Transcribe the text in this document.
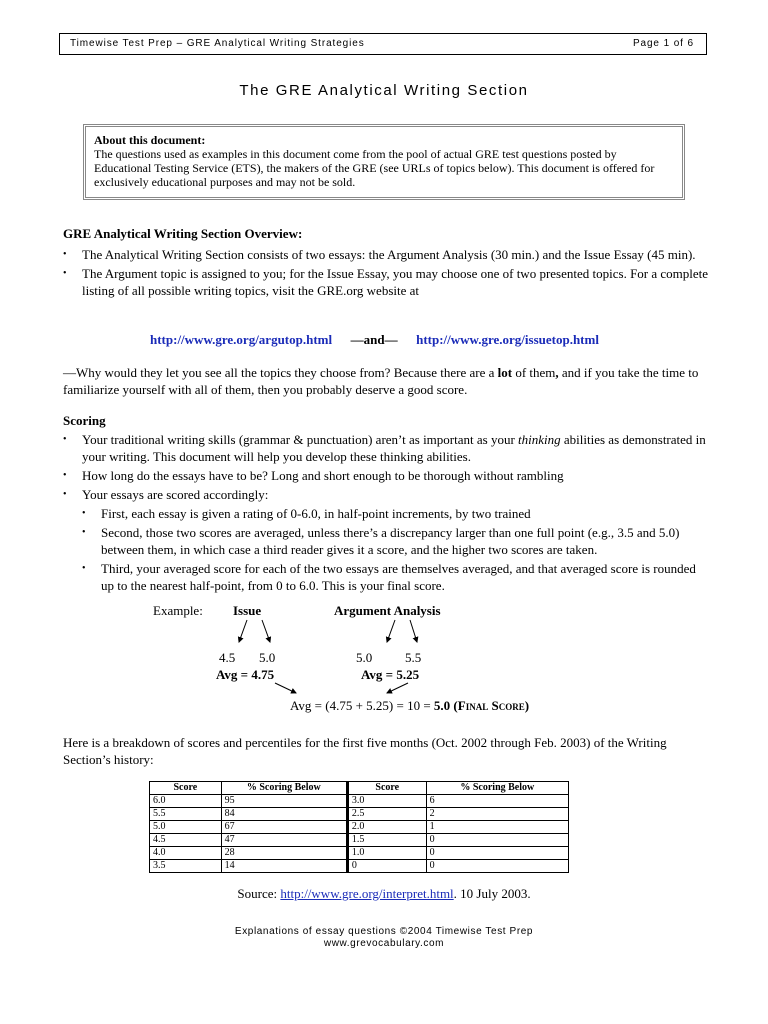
Timewise Test Prep – GRE Analytical Writing Strategies	Page 1 of 6
The GRE Analytical Writing Section
About this document:
The questions used as examples in this document come from the pool of actual GRE test questions posted by Educational Testing Service (ETS), the makers of the GRE (see URLs of topics below). This document is offered for exclusively educational purposes and may not be sold.
GRE Analytical Writing Section Overview:
• The Analytical Writing Section consists of two essays: the Argument Analysis (30 min.) and the Issue Essay (45 min).
• The Argument topic is assigned to you; for the Issue Essay, you may choose one of two presented topics. For a complete listing of all possible writing topics, visit the GRE.org website at
http://www.gre.org/argutop.html —and— http://www.gre.org/issuetop.html
—Why would they let you see all the topics they choose from? Because there are a lot of them, and if you take the time to familiarize yourself with all of them, then you probably deserve a good score.
Scoring
• Your traditional writing skills (grammar & punctuation) aren’t as important as your thinking abilities as demonstrated in your writing. This document will help you develop these thinking abilities.
• How long do the essays have to be? Long and short enough to be thorough without rambling
• Your essays are scored accordingly:
• First, each essay is given a rating of 0-6.0, in half-point increments, by two trained
• Second, those two scores are averaged, unless there’s a discrepancy larger than one full point (e.g., 3.5 and 5.0) between them, in which case a third reader gives it a score, and the higher two scores are taken.
• Third, your averaged score for each of the two essays are themselves averaged, and that averaged score is rounded up to the nearest half-point, from 0 to 6.0. This is your final score.
Example: Issue	Argument Analysis
4.5 5.0
Avg = 4.75
5.0	5.5
Avg = 5.25
Avg = (4.75 + 5.25) = 10 = 5.0 (Final Score)
Here is a breakdown of scores and percentiles for the first five months (Oct. 2002 through Feb. 2003) of the Writing Section’s history:
Score	% Scoring Below	Score	% Scoring Below
6.0	95	3.0	6
5.5	84	2.5	2
5.0	67	2.0	1
4.5	47	1.5	0
4.0	28	1.0	0
3.5	14	0	0
Source: http://www.gre.org/interpret.html. 10 July 2003.
Explanations of essay questions ©2004 Timewise Test Prep
www.grevocabulary.com
